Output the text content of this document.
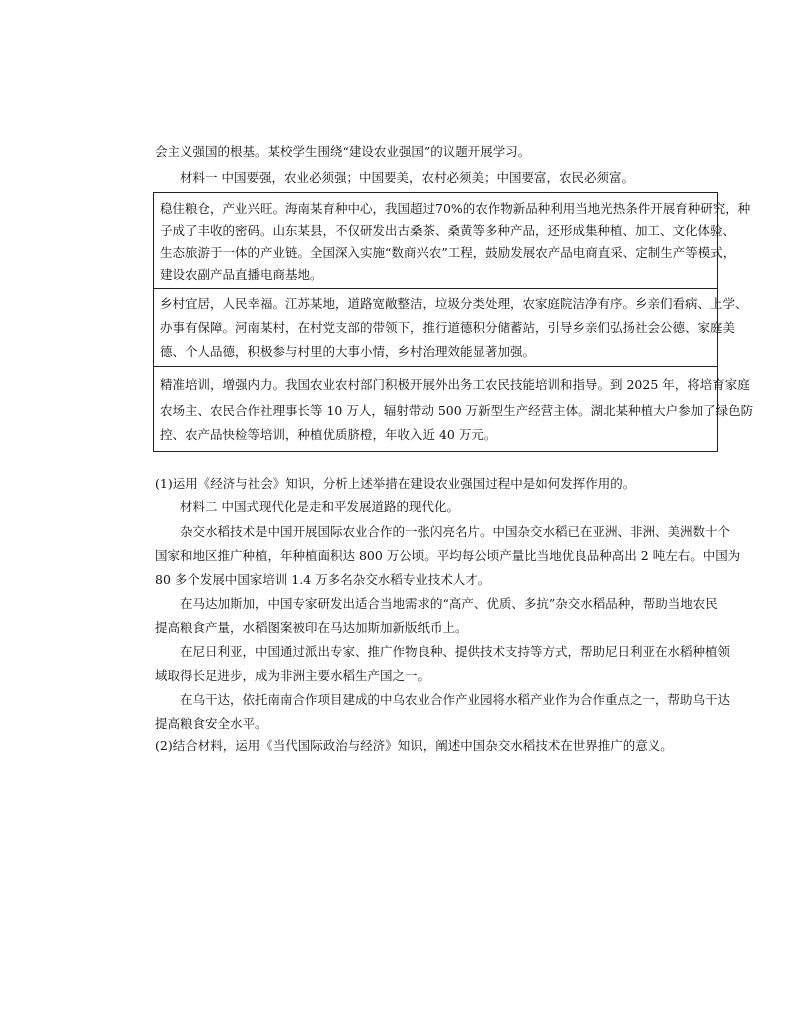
会主义强国的根基。某校学生围绕“建设农业强国”的议题开展学习。
材料一 中国要强，农业必须强；中国要美，农村必须美；中国要富，农民必须富。
稳住粮仓，产业兴旺。海南某育种中心，我国超过70%的农作物新品种利用当地光热条件开展育种研究，种
子成了丰收的密码。山东某县，不仅研发出古桑茶、桑黄等多种产品，还形成集种植、加工、文化体验、
生态旅游于一体的产业链。全国深入实施“数商兴农”工程，鼓励发展农产品电商直采、定制生产等模式，
建设农副产品直播电商基地。
乡村宜居，人民幸福。江苏某地，道路宽敞整洁，垃圾分类处理，农家庭院洁净有序。乡亲们看病、上学、
办事有保障。河南某村，在村党支部的带领下，推行道德积分储蓄站，引导乡亲们弘扬社会公德、家庭美
德、个人品德，积极参与村里的大事小情，乡村治理效能显著加强。
精准培训，增强内力。我国农业农村部门积极开展外出务工农民技能培训和指导。到 2025 年，将培育家庭
农场主、农民合作社理事长等 10 万人，辐射带动 500 万新型生产经营主体。湖北某种植大户参加了绿色防
控、农产品快检等培训，种植优质脐橙，年收入近 40 万元。
(1)运用《经济与社会》知识，分析上述举措在建设农业强国过程中是如何发挥作用的。
材料二 中国式现代化是走和平发展道路的现代化。
杂交水稻技术是中国开展国际农业合作的一张闪亮名片。中国杂交水稻已在亚洲、非洲、美洲数十个
国家和地区推广种植，年种植面积达 800 万公顷。平均每公顷产量比当地优良品种高出 2 吨左右。中国为
80 多个发展中国家培训 1.4 万多名杂交水稻专业技术人才。
在马达加斯加，中国专家研发出适合当地需求的“高产、优质、多抗”杂交水稻品种，帮助当地农民
提高粮食产量，水稻图案被印在马达加斯加新版纸币上。
在尼日利亚，中国通过派出专家、推广作物良种、提供技术支持等方式，帮助尼日利亚在水稻种植领
域取得长足进步，成为非洲主要水稻生产国之一。
在乌干达，依托南南合作项目建成的中乌农业合作产业园将水稻产业作为合作重点之一，帮助乌干达
提高粮食安全水平。
(2)结合材料，运用《当代国际政治与经济》知识，阐述中国杂交水稻技术在世界推广的意义。
